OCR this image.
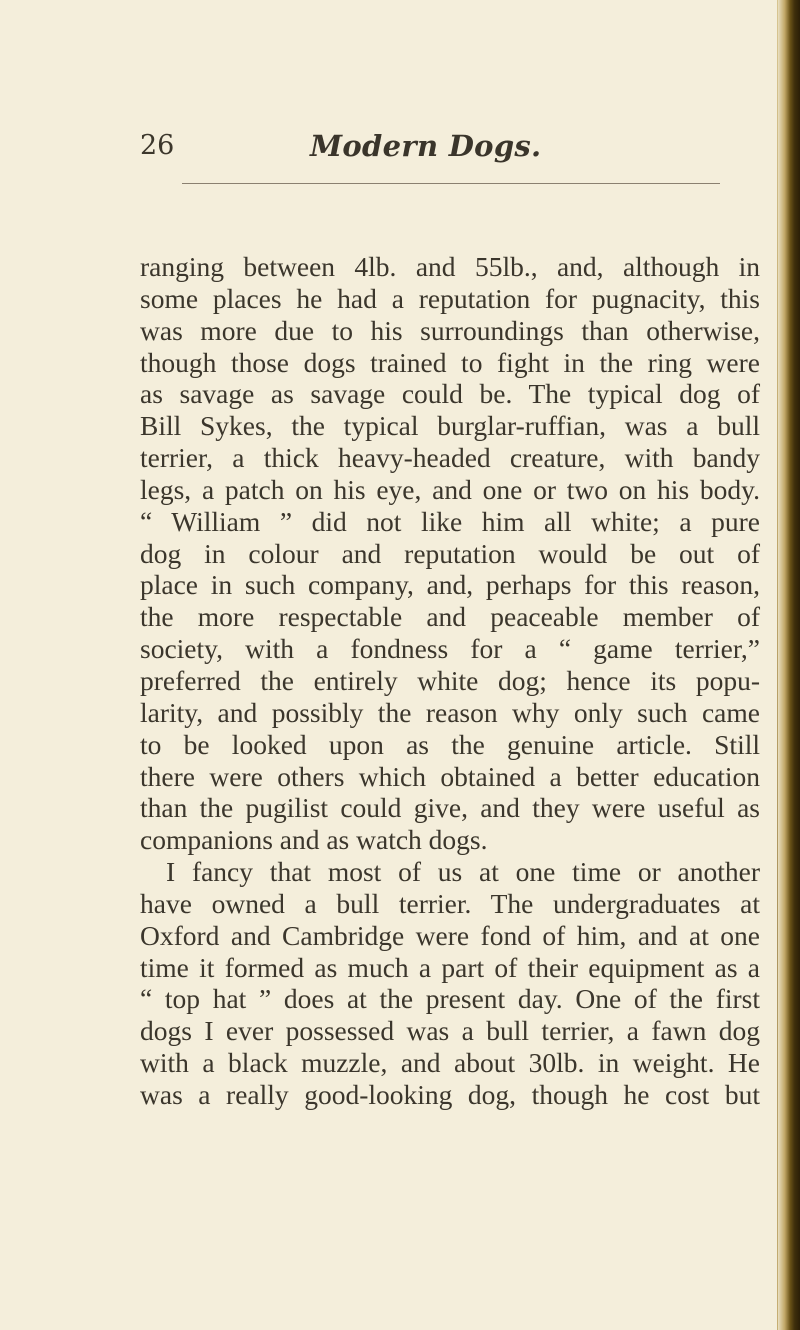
26	Modern Dogs.
ranging between 4lb. and 55lb., and, although in
some places he had a reputation for pugnacity, this
was more due to his surroundings than otherwise,
though those dogs trained to fight in the ring were
as savage as savage could be. The typical dog of
Bill Sykes, the typical burglar-ruffian, was a bull
terrier, a thick heavy-headed creature, with bandy
legs, a patch on his eye, and one or two on his body.
“ William ” did not like him all white; a pure
dog in colour and reputation would be out of
place in such company, and, perhaps for this reason,
the more respectable and peaceable member of
society, with a fondness for a “ game terrier,”
preferred the entirely white dog; hence its popu-
larity, and possibly the reason why only such came
to be looked upon as the genuine article. Still
there were others which obtained a better education
than the pugilist could give, and they were useful as
companions and as watch dogs.
I fancy that most of us at one time or another
have owned a bull terrier. The undergraduates at
Oxford and Cambridge were fond of him, and at one
time it formed as much a part of their equipment as a
“ top hat ” does at the present day. One of the first
dogs I ever possessed was a bull terrier, a fawn dog
with a black muzzle, and about 30lb. in weight. He
was a really good-looking dog, though he cost but
